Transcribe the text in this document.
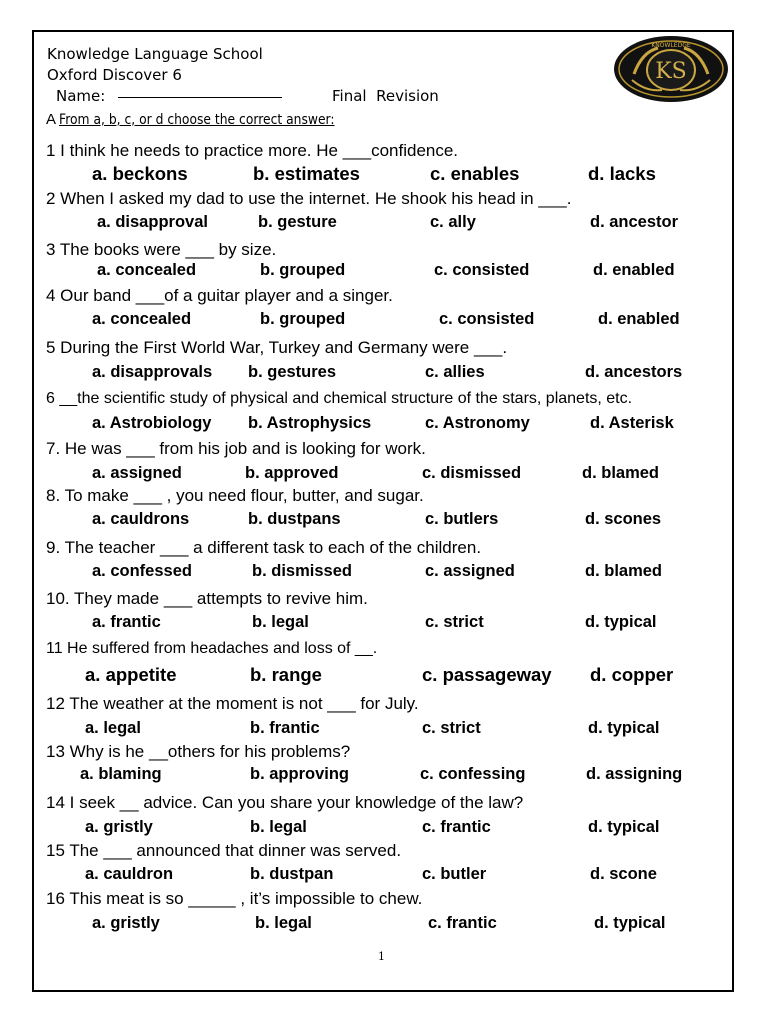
Knowledge Language School
Oxford Discover 6
Name:	Final  Revision
KS
KNOWLEDGE
A From a, b, c, or d choose the correct answer:
1 I think he needs to practice more. He ___confidence.
a. beckons	b. estimates	c. enables	d. lacks
2 When I asked my dad to use the internet. He shook his head in ___.
a. disapproval	b. gesture	c. ally	d. ancestor
3 The books were ___ by size.
a. concealed	b. grouped	c. consisted	d. enabled
4 Our band ___of a guitar player and a singer.
a. concealed	b. grouped	c. consisted	d. enabled
5 During the First World War, Turkey and Germany were ___.
a. disapprovals b. gestures	c. allies	d. ancestors
6 __the scientific study of physical and chemical structure of the stars, planets, etc.
a. Astrobiology b. Astrophysics	c. Astronomy	d. Asterisk
7. He was ___ from his job and is looking for work.
a. assigned	b. approved	c. dismissed	d. blamed
8. To make ___ , you need flour, butter, and sugar.
a. cauldrons	b. dustpans	c. butlers	d. scones
9. The teacher ___ a different task to each of the children.
a. confessed	b. dismissed	c. assigned	d. blamed
10. They made ___ attempts to revive him.
a. frantic	b. legal	c. strict	d. typical
11 He suffered from headaches and loss of __.
a. appetite	b. range	c. passageway d. copper
12 The weather at the moment is not ___ for July.
a. legal	b. frantic	c. strict	d. typical
13 Why is he __others for his problems?
a. blaming	b. approving	c. confessing	d. assigning
14 I seek __ advice. Can you share your knowledge of the law?
a. gristly	b. legal	c. frantic	d. typical
15 The ___ announced that dinner was served.
a. cauldron	b. dustpan	c. butler	d. scone
16 This meat is so _____ , it’s impossible to chew.
a. gristly	b. legal	c. frantic	d. typical
1
